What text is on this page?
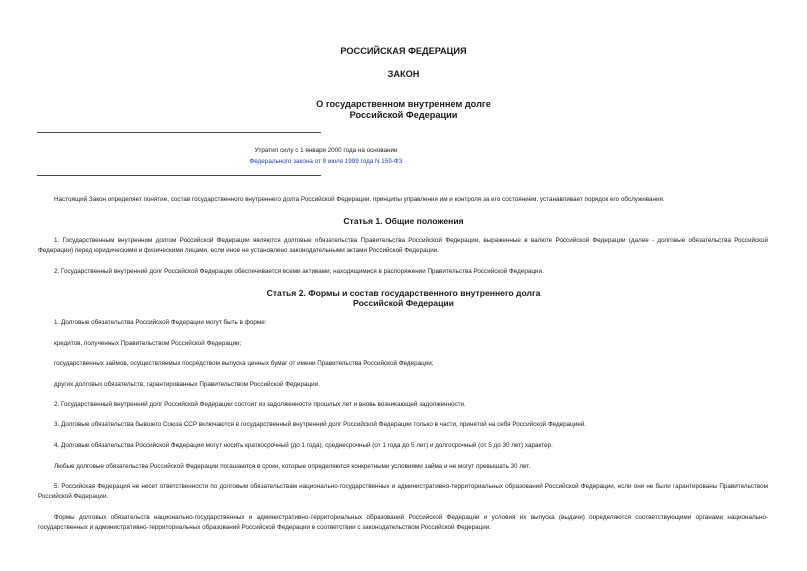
РОССИЙСКАЯ ФЕДЕРАЦИЯ
ЗАКОН
О государственном внутреннем долге
Российской Федерации
Утратил силу с 1 января 2000 года на основании
Федерального закона от 9 июля 1999 года N 159-ФЗ
Настоящий Закон определяет понятие, состав государственного внутреннего долга Российской Федерации, принципы управления им и контроля за его состоянием, устанавливает порядок его обслуживания.
Статья 1. Общие положения
1. Государственным внутренним долгом Российской Федерации являются долговые обязательства Правительства Российской Федерации, выраженные в валюте Российской Федерации (далее - долговые обязательства Российской Федерации) перед юридическими и физическими лицами, если иное не установлено законодательными актами Российской Федерации.
2. Государственный внутренний долг Российской Федерации обеспечивается всеми активами, находящимися в распоряжении Правительства Российской Федерации.
Статья 2. Формы и состав государственного внутреннего долга
Российской Федерации
1. Долговые обязательства Российской Федерации могут быть в форме:
кредитов, полученных Правительством Российской Федерации;
государственных займов, осуществляемых посредством выпуска ценных бумаг от имени Правительства Российской Федерации;
других долговых обязательств, гарантированных Правительством Российской Федерации.
2. Государственный внутренний долг Российской Федерации состоит из задолженности прошлых лет и вновь возникающей задолженности.
3. Долговые обязательства бывшего Союза ССР включаются в государственный внутренний долг Российской Федерации только в части, принятой на себя Российской Федерацией.
4. Долговые обязательства Российской Федерации могут носить краткосрочный (до 1 года), среднесрочный (от 1 года до 5 лет) и долгосрочный (от 5 до 30 лет) характер.
Любые долговые обязательства Российской Федерации погашаются в сроки, которые определяются конкретными условиями займа и не могут превышать 30 лет.
5. Российская Федерация не несет ответственности по долговым обязательствам национально-государственных и административно-территориальных образований Российской Федерации, если они не были гарантированы Правительством Российской Федерации.
Формы долговых обязательств национально-государственных и административно-территориальных образований Российской Федерации и условия их выпуска (выдачи) определяются соответствующими органами национально-государственных и административно-территориальных образований Российской Федерации в соответствии с законодательством Российской Федерации.
